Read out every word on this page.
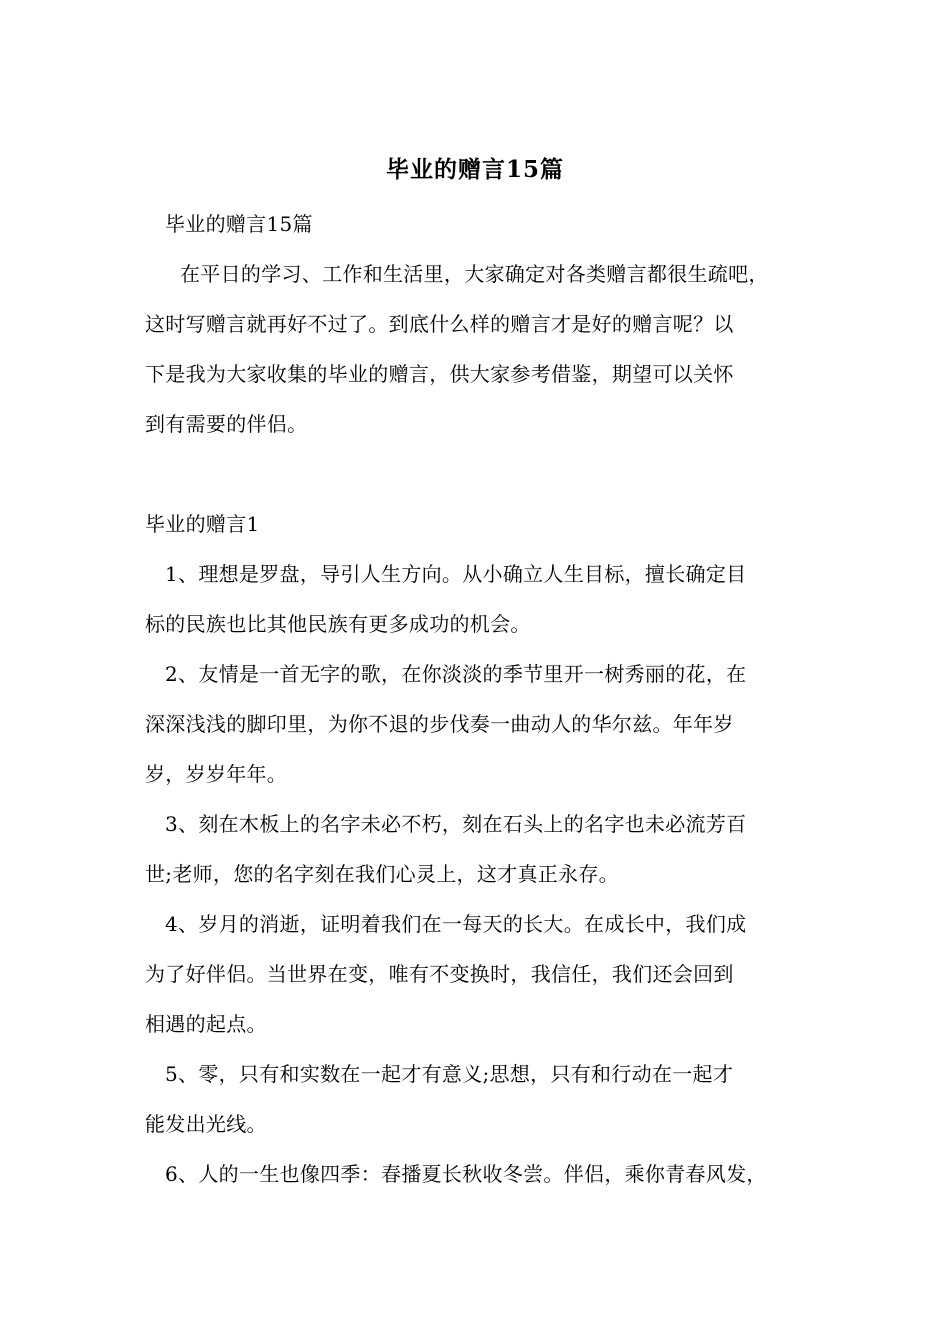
毕业的赠言15篇
毕业的赠言15篇
在平日的学习、工作和生活里，大家确定对各类赠言都很生疏吧，
这时写赠言就再好不过了。到底什么样的赠言才是好的赠言呢？以
下是我为大家收集的毕业的赠言，供大家参考借鉴，期望可以关怀
到有需要的伴侣。
毕业的赠言1
1、理想是罗盘，导引人生方向。从小确立人生目标，擅长确定目
标的民族也比其他民族有更多成功的机会。
2、友情是一首无字的歌，在你淡淡的季节里开一树秀丽的花，在
深深浅浅的脚印里，为你不退的步伐奏一曲动人的华尔兹。年年岁
岁，岁岁年年。
3、刻在木板上的名字未必不朽，刻在石头上的名字也未必流芳百
世;老师，您的名字刻在我们心灵上，这才真正永存。
4、岁月的消逝，证明着我们在一每天的长大。在成长中，我们成
为了好伴侣。当世界在变，唯有不变换时，我信任，我们还会回到
相遇的起点。
5、零，只有和实数在一起才有意义;思想，只有和行动在一起才
能发出光线。
6、人的一生也像四季：春播夏长秋收冬尝。伴侣，乘你青春风发，
